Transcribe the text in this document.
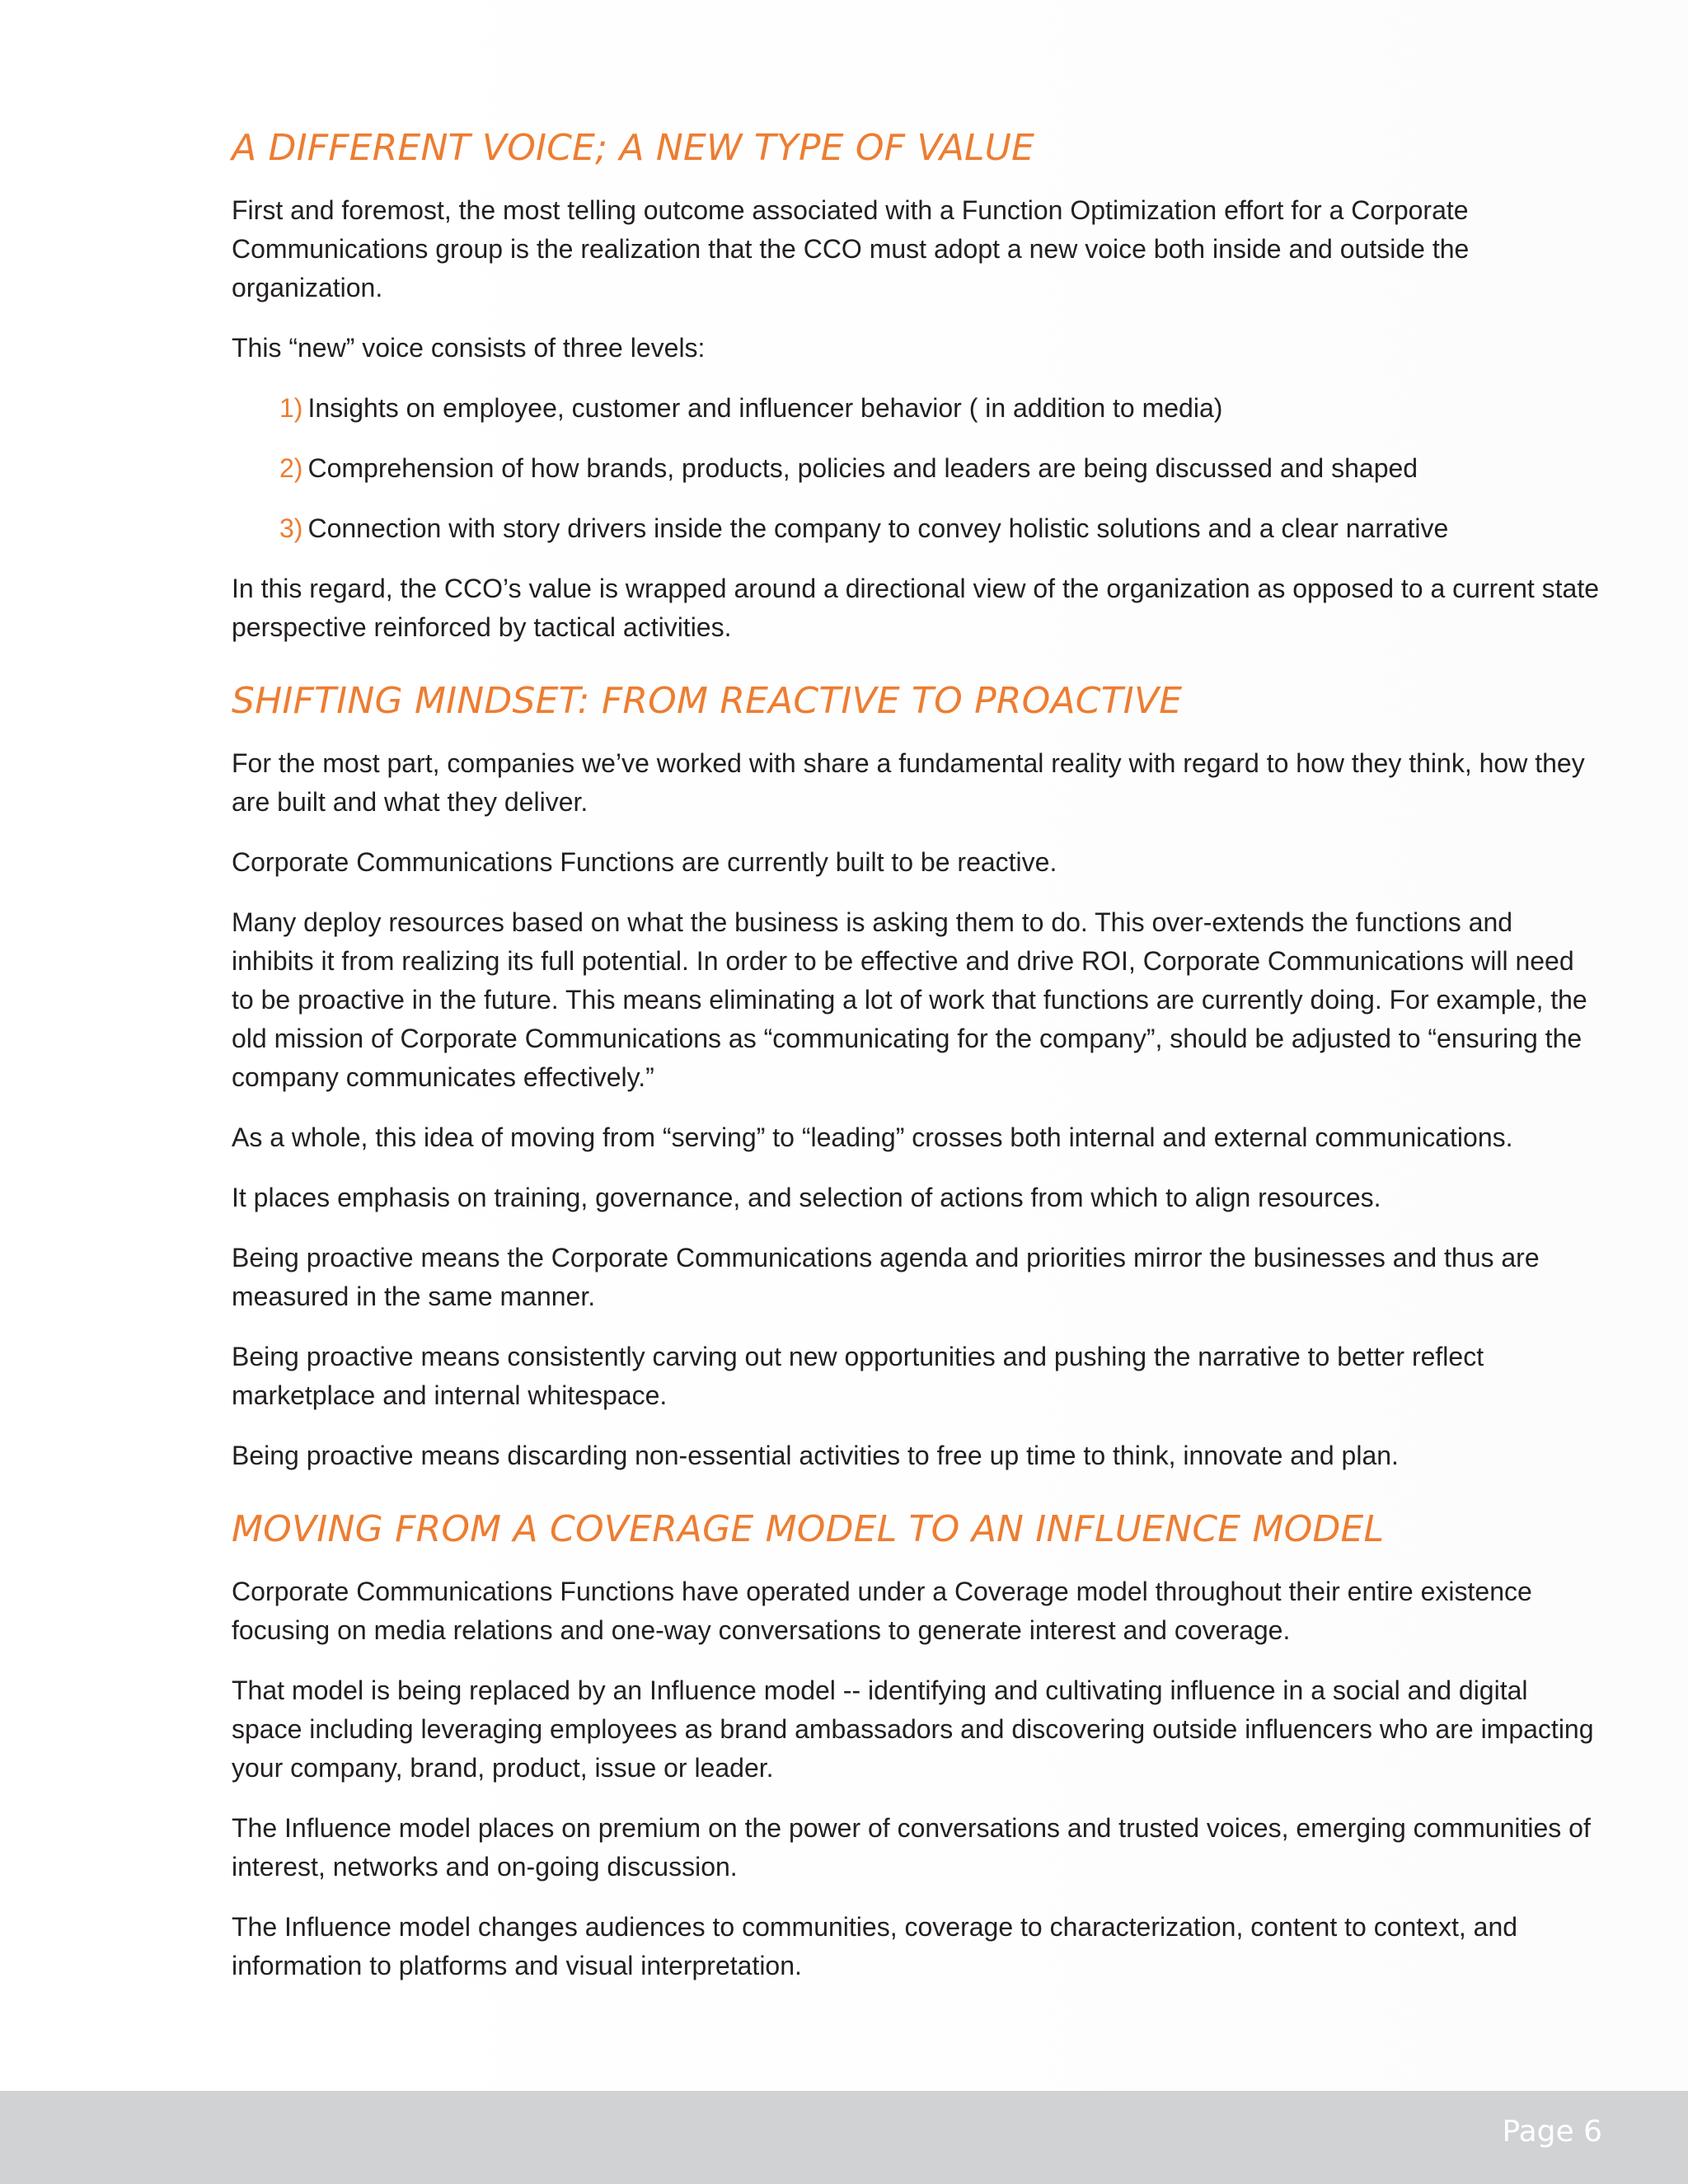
A DIFFERENT VOICE; A NEW TYPE OF VALUE

First and foremost, the most telling outcome associated with a Function Optimization effort for a Corporate Communications group is the realization that the CCO must adopt a new voice both inside and outside the organization.

This “new” voice consists of three levels:

1) Insights on employee, customer and influencer behavior ( in addition to media)
2) Comprehension of how brands, products, policies and leaders are being discussed and shaped
3) Connection with story drivers inside the company to convey holistic solutions and a clear narrative

In this regard, the CCO’s value is wrapped around a directional view of the organization as opposed to a current state perspective reinforced by tactical activities.

SHIFTING MINDSET: FROM REACTIVE TO PROACTIVE

For the most part, companies we’ve worked with share a fundamental reality with regard to how they think, how they are built and what they deliver.

Corporate Communications Functions are currently built to be reactive.

Many deploy resources based on what the business is asking them to do. This over-extends the functions and inhibits it from realizing its full potential. In order to be effective and drive ROI, Corporate Communications will need to be proactive in the future. This means eliminating a lot of work that functions are currently doing. For example, the old mission of Corporate Communications as “communicating for the company”, should be adjusted to “ensuring the company communicates effectively.”

As a whole, this idea of moving from “serving” to “leading” crosses both internal and external communications.

It places emphasis on training, governance, and selection of actions from which to align resources.

Being proactive means the Corporate Communications agenda and priorities mirror the businesses and thus are measured in the same manner.

Being proactive means consistently carving out new opportunities and pushing the narrative to better reflect marketplace and internal whitespace.

Being proactive means discarding non-essential activities to free up time to think, innovate and plan.

MOVING FROM A COVERAGE MODEL TO AN INFLUENCE MODEL

Corporate Communications Functions have operated under a Coverage model throughout their entire existence focusing on media relations and one-way conversations to generate interest and coverage.

That model is being replaced by an Influence model -- identifying and cultivating influence in a social and digital space including leveraging employees as brand ambassadors and discovering outside influencers who are impacting your company, brand, product, issue or leader.

The Influence model places on premium on the power of conversations and trusted voices, emerging communities of interest, networks and on-going discussion.

The Influence model changes audiences to communities, coverage to characterization, content to context, and information to platforms and visual interpretation.

Page 6
